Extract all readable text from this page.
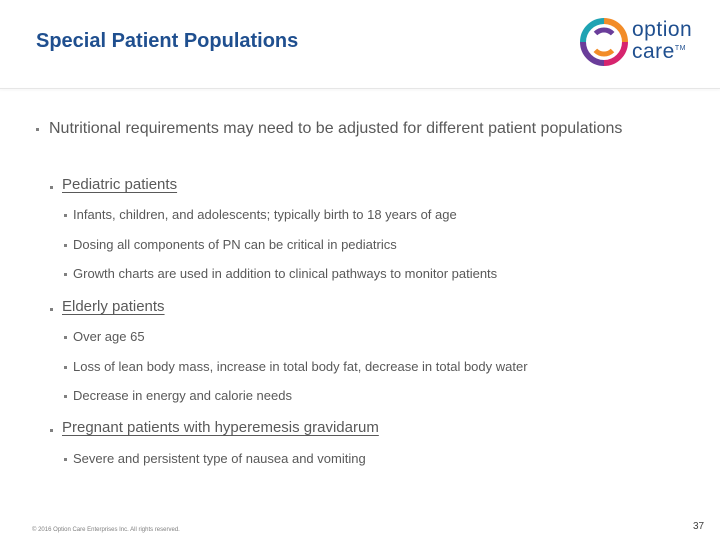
Special Patient Populations	option
care™
Nutritional requirements may need to be adjusted for different patient populations
Pediatric patients
Infants, children, and adolescents; typically birth to 18 years of age
Dosing all components of PN can be critical in pediatrics
Growth charts are used in addition to clinical pathways to monitor patients
Elderly patients
Over age 65
Loss of lean body mass, increase in total body fat, decrease in total body water
Decrease in energy and calorie needs
Pregnant patients with hyperemesis gravidarum
Severe and persistent type of nausea and vomiting
© 2016 Option Care Enterprises Inc. All rights reserved.	37
